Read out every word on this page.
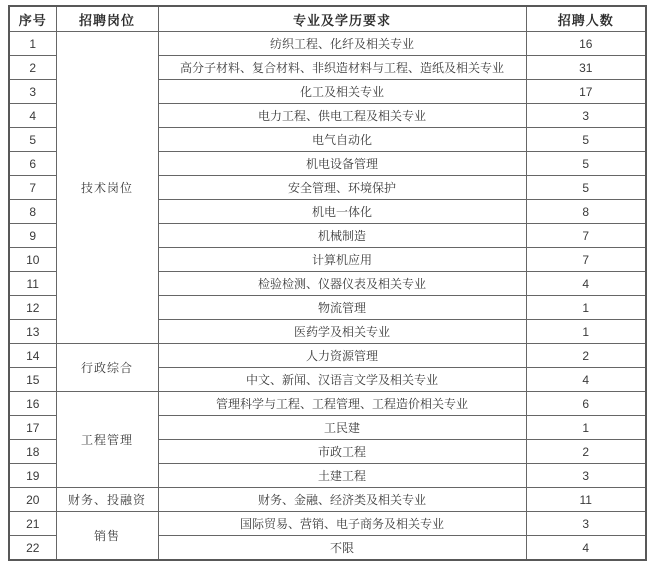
序号	招聘岗位	专业及学历要求	招聘人数
1	技术岗位	纺织工程、化纤及相关专业	16
2		高分子材料、复合材料、非织造材料与工程、造纸及相关专业	31
3		化工及相关专业	17
4		电力工程、供电工程及相关专业	3
5		电气自动化	5
6		机电设备管理	5
7		安全管理、环境保护	5
8		机电一体化	8
9		机械制造	7
10		计算机应用	7
11		检验检测、仪器仪表及相关专业	4
12		物流管理	1
13		医药学及相关专业	1
14	行政综合	人力资源管理	2
15		中文、新闻、汉语言文学及相关专业	4
16	工程管理	管理科学与工程、工程管理、工程造价相关专业	6
17		工民建	1
18		市政工程	2
19		土建工程	3
20	财务、投融资	财务、金融、经济类及相关专业	11
21	销售	国际贸易、营销、电子商务及相关专业	3
22		不限	4
